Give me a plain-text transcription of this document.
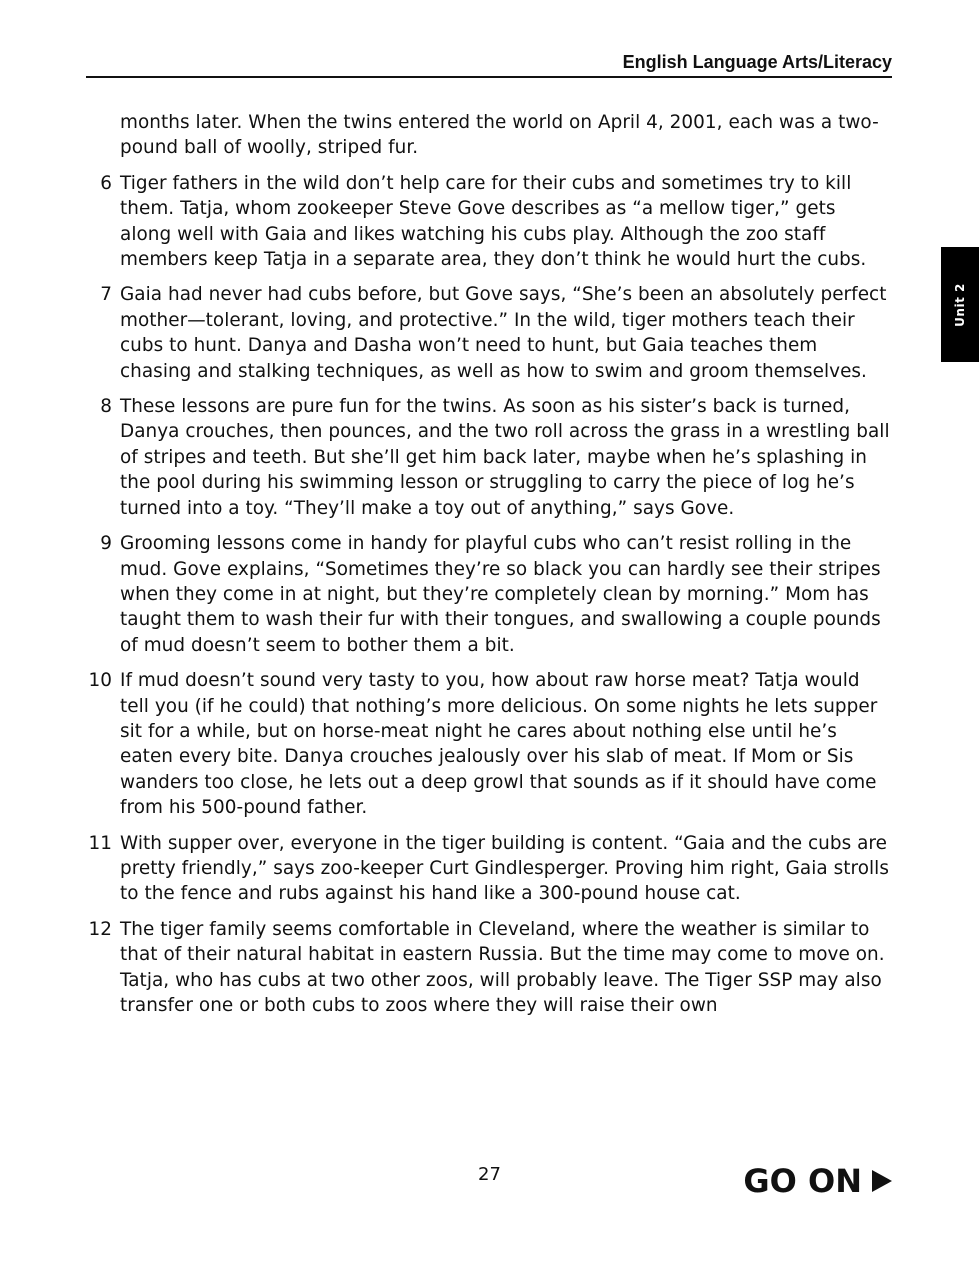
English Language Arts/Literacy
Unit 2
months later. When the twins entered the world on April 4, 2001, each was a two-pound ball of woolly, striped fur.
6 Tiger fathers in the wild don’t help care for their cubs and sometimes try to kill them. Tatja, whom zookeeper Steve Gove describes as “a mellow tiger,” gets along well with Gaia and likes watching his cubs play. Although the zoo staff members keep Tatja in a separate area, they don’t think he would hurt the cubs.
7 Gaia had never had cubs before, but Gove says, “She’s been an absolutely perfect mother—tolerant, loving, and protective.” In the wild, tiger mothers teach their cubs to hunt. Danya and Dasha won’t need to hunt, but Gaia teaches them chasing and stalking techniques, as well as how to swim and groom themselves.
8 These lessons are pure fun for the twins. As soon as his sister’s back is turned, Danya crouches, then pounces, and the two roll across the grass in a wrestling ball of stripes and teeth. But she’ll get him back later, maybe when he’s splashing in the pool during his swimming lesson or struggling to carry the piece of log he’s turned into a toy. “They’ll make a toy out of anything,” says Gove.
9 Grooming lessons come in handy for playful cubs who can’t resist rolling in the mud. Gove explains, “Sometimes they’re so black you can hardly see their stripes when they come in at night, but they’re completely clean by morning.” Mom has taught them to wash their fur with their tongues, and swallowing a couple pounds of mud doesn’t seem to bother them a bit.
10 If mud doesn’t sound very tasty to you, how about raw horse meat? Tatja would tell you (if he could) that nothing’s more delicious. On some nights he lets supper sit for a while, but on horse-meat night he cares about nothing else until he’s eaten every bite. Danya crouches jealously over his slab of meat. If Mom or Sis wanders too close, he lets out a deep growl that sounds as if it should have come from his 500-pound father.
11 With supper over, everyone in the tiger building is content. “Gaia and the cubs are pretty friendly,” says zoo-keeper Curt Gindlesperger. Proving him right, Gaia strolls to the fence and rubs against his hand like a 300-pound house cat.
12 The tiger family seems comfortable in Cleveland, where the weather is similar to that of their natural habitat in eastern Russia. But the time may come to move on. Tatja, who has cubs at two other zoos, will probably leave. The Tiger SSP may also transfer one or both cubs to zoos where they will raise their own
27	GO ON
